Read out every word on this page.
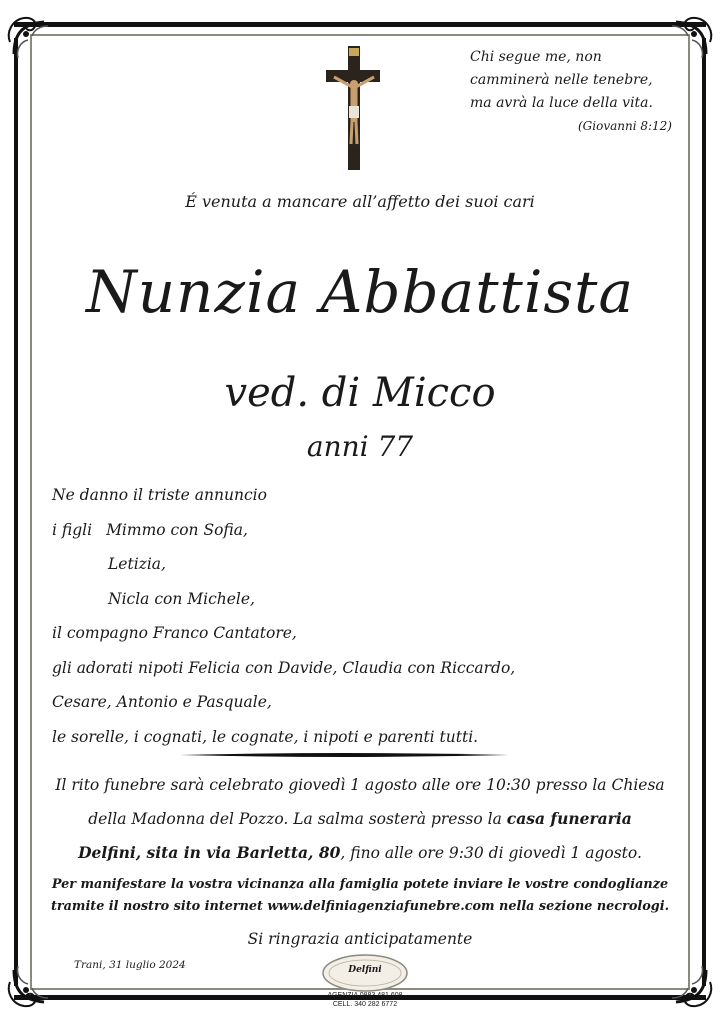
Chi segue me, non
camminerà nelle tenebre,
ma avrà la luce della vita.
(Giovanni 8:12)
É venuta a mancare all’affetto dei suoi cari
Nunzia Abbattista
ved. di Micco
anni 77
Ne danno il triste annuncio
i figli Mimmo con Sofia,
Letizia,
Nicla con Michele,
il compagno Franco Cantatore,
gli adorati nipoti Felicia con Davide, Claudia con Riccardo,
Cesare, Antonio e Pasquale,
le sorelle, i cognati, le cognate, i nipoti e parenti tutti.
Il rito funebre sarà celebrato giovedì 1 agosto alle ore 10:30 presso la Chiesa
della Madonna del Pozzo. La salma sosterà presso la casa funeraria
Delfini, sita in via Barletta, 80, fino alle ore 9:30 di giovedì 1 agosto.
Per manifestare la vostra vicinanza alla famiglia potete inviare le vostre condoglianze
tramite il nostro sito internet www.delfiniagenziafunebre.com nella sezione necrologi.
Si ringrazia anticipatamente
Trani, 31 luglio 2024	Delfini
AGENZIA 0883 481 608
CELL. 340 282 6772
